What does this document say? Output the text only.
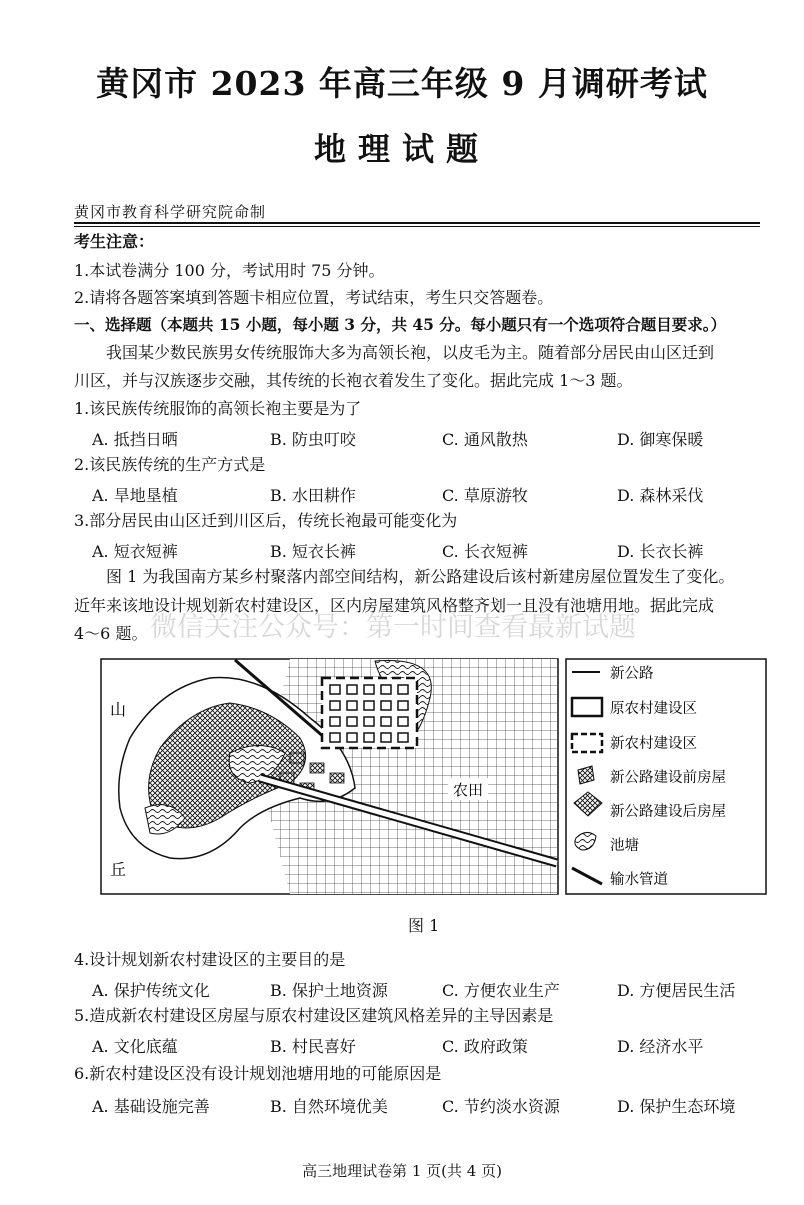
黄冈市 2023 年高三年级 9 月调研考试
地理试题
黄冈市教育科学研究院命制
考生注意：
1.本试卷满分 100 分，考试用时 75 分钟。
2.请将各题答案填到答题卡相应位置，考试结束，考生只交答题卷。
一、选择题（本题共 15 小题，每小题 3 分，共 45 分。每小题只有一个选项符合题目要求。）
我国某少数民族男女传统服饰大多为高领长袍，以皮毛为主。随着部分居民由山区迁到
川区，并与汉族逐步交融，其传统的长袍衣着发生了变化。据此完成 1～3 题。
1.该民族传统服饰的高领长袍主要是为了
A. 抵挡日晒	B. 防虫叮咬	C. 通风散热	D. 御寒保暖
2.该民族传统的生产方式是
A. 旱地垦植	B. 水田耕作	C. 草原游牧	D. 森林采伐
3.部分居民由山区迁到川区后，传统长袍最可能变化为
A. 短衣短裤	B. 短衣长裤	C. 长衣短裤	D. 长衣长裤
图 1 为我国南方某乡村聚落内部空间结构，新公路建设后该村新建房屋位置发生了变化。
近年来该地设计规划新农村建设区，区内房屋建筑风格整齐划一且没有池塘用地。据此完成
4～6 题。 微信关注公众号：第一时间查看最新试题
山
丘
农田
新公路
原农村建设区
新农村建设区
新公路建设前房屋
新公路建设后房屋
池塘
输水管道
图 1
4.设计规划新农村建设区的主要目的是
A. 保护传统文化	B. 保护土地资源	C. 方便农业生产	D. 方便居民生活
5.造成新农村建设区房屋与原农村建设区建筑风格差异的主导因素是
A. 文化底蕴	B. 村民喜好	C. 政府政策	D. 经济水平
6.新农村建设区没有设计规划池塘用地的可能原因是
A. 基础设施完善	B. 自然环境优美	C. 节约淡水资源	D. 保护生态环境
高三地理试卷第 1 页(共 4 页)
